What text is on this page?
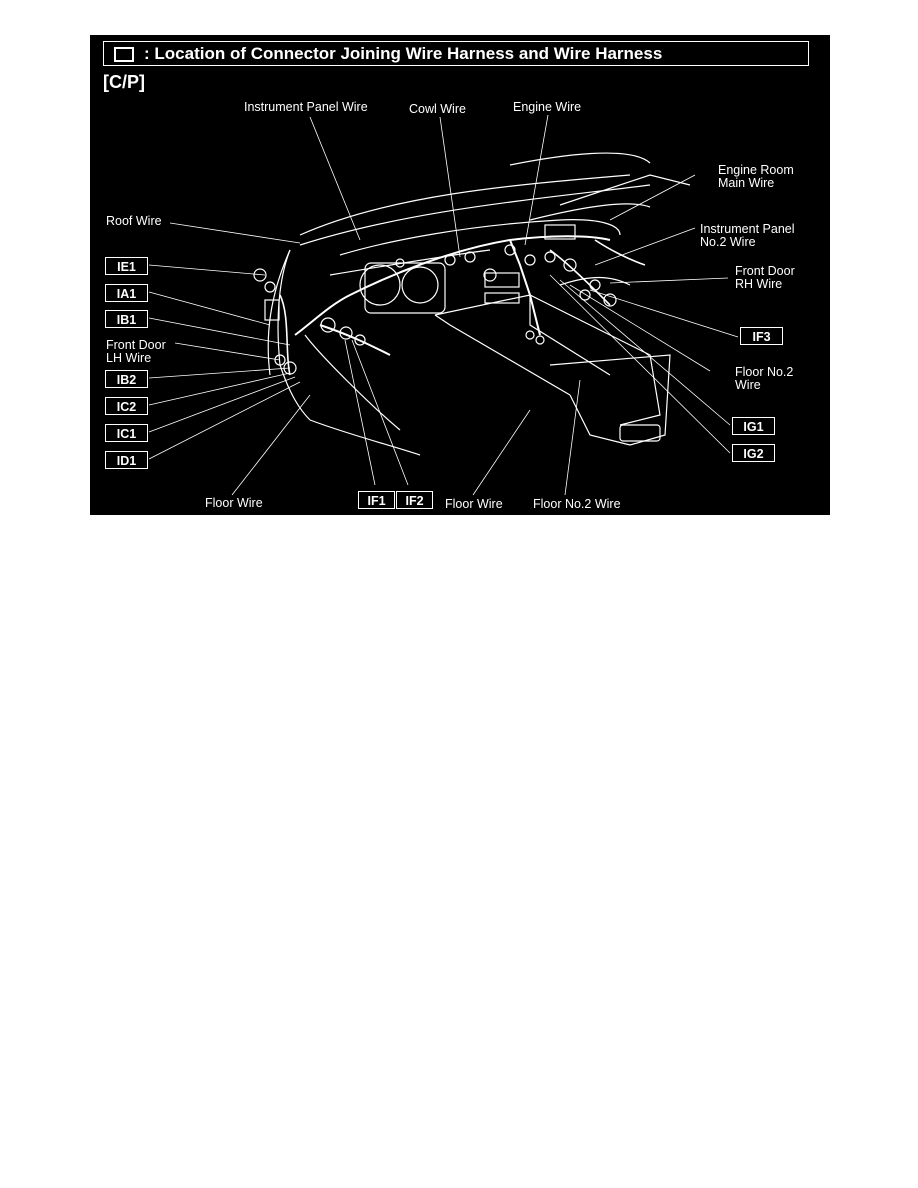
: Location of Connector Joining Wire Harness and Wire Harness
[C/P]
Instrument Panel Wire	Cowl Wire	Engine Wire
Engine Room
Main Wire
Roof Wire
Instrument Panel
No.2 Wire
Front Door
RH Wire
Front Door
LH Wire
Floor No.2
Wire
Floor Wire	Floor Wire Floor No.2 Wire
IE1
IA1
IB1
IB2
IC2
IC1
ID1
IF1	IF2
IF3
IG1
IG2
